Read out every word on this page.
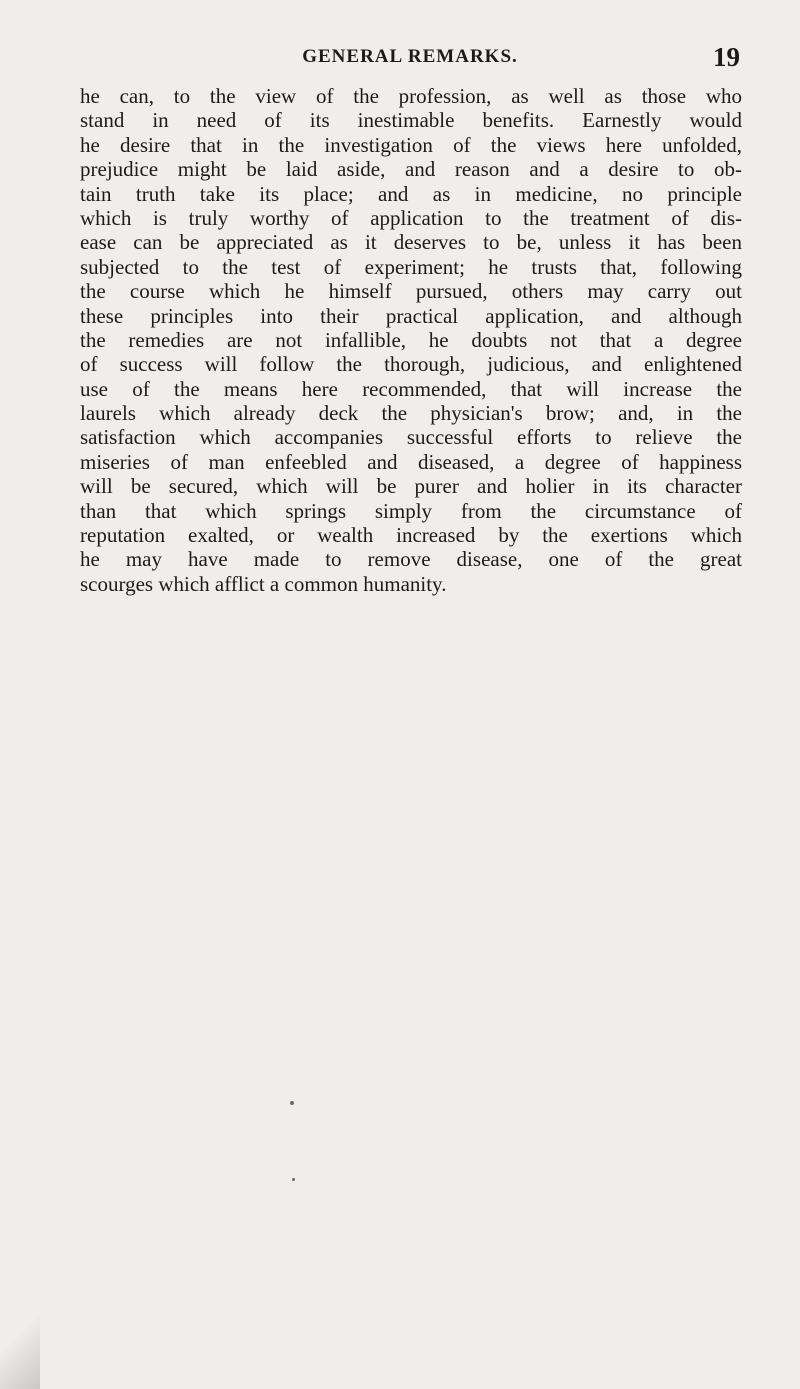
GENERAL REMARKS.	19
he can, to the view of the profession, as well as those who
stand in need of its inestimable benefits. Earnestly would
he desire that in the investigation of the views here unfolded,
prejudice might be laid aside, and reason and a desire to ob-
tain truth take its place; and as in medicine, no principle
which is truly worthy of application to the treatment of dis-
ease can be appreciated as it deserves to be, unless it has been
subjected to the test of experiment; he trusts that, following
the course which he himself pursued, others may carry out
these principles into their practical application, and although
the remedies are not infallible, he doubts not that a degree
of success will follow the thorough, judicious, and enlightened
use of the means here recommended, that will increase the
laurels which already deck the physician's brow; and, in the
satisfaction which accompanies successful efforts to relieve the
miseries of man enfeebled and diseased, a degree of happiness
will be secured, which will be purer and holier in its character
than that which springs simply from the circumstance of
reputation exalted, or wealth increased by the exertions which
he may have made to remove disease, one of the great
scourges which afflict a common humanity.
